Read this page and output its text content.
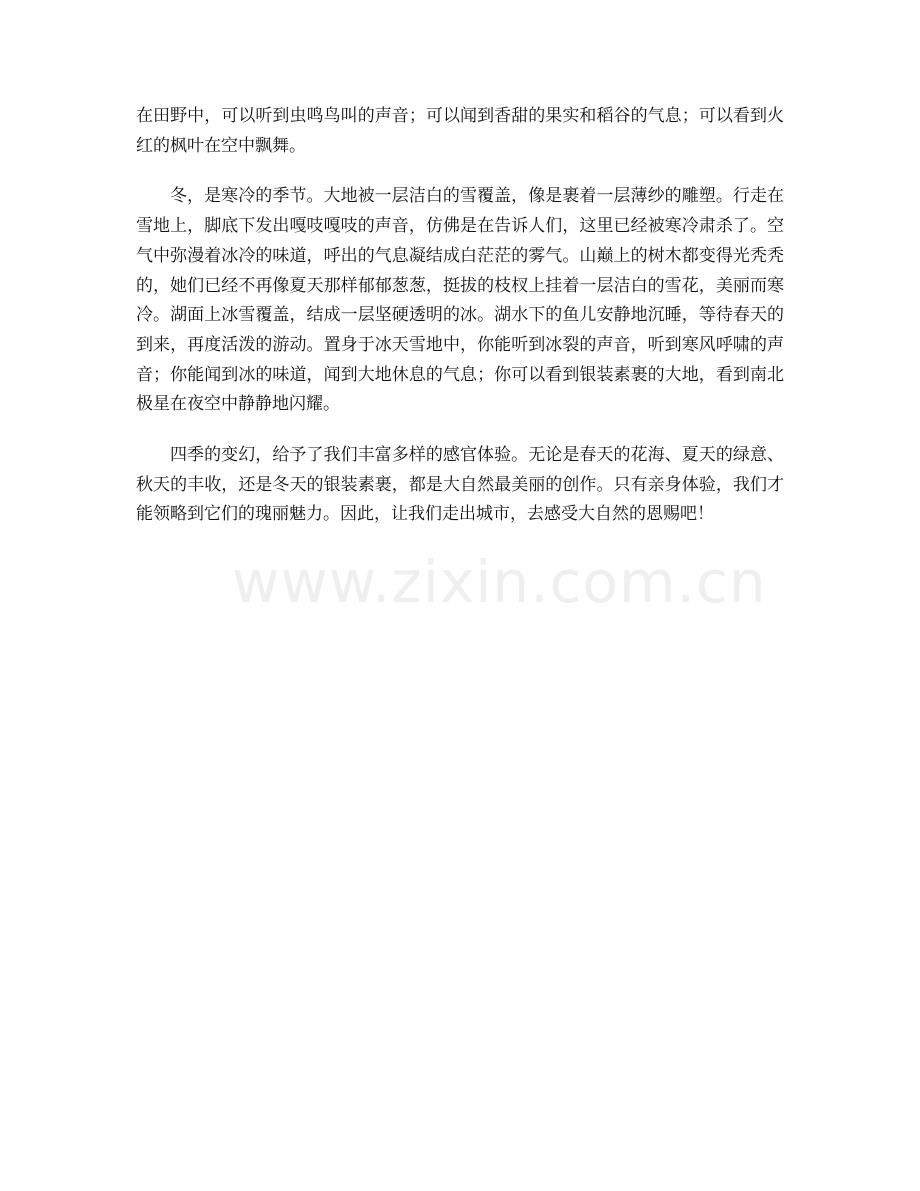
在田野中，可以听到虫鸣鸟叫的声音；可以闻到香甜的果实和稻谷的气息；可以看到火红的枫叶在空中飘舞。

冬，是寒冷的季节。大地被一层洁白的雪覆盖，像是裹着一层薄纱的雕塑。行走在雪地上，脚底下发出嘎吱嘎吱的声音，仿佛是在告诉人们，这里已经被寒冷肃杀了。空气中弥漫着冰冷的味道，呼出的气息凝结成白茫茫的雾气。山巅上的树木都变得光秃秃的，她们已经不再像夏天那样郁郁葱葱，挺拔的枝杈上挂着一层洁白的雪花，美丽而寒冷。湖面上冰雪覆盖，结成一层坚硬透明的冰。湖水下的鱼儿安静地沉睡，等待春天的到来，再度活泼的游动。置身于冰天雪地中，你能听到冰裂的声音，听到寒风呼啸的声音；你能闻到冰的味道，闻到大地休息的气息；你可以看到银装素裹的大地，看到南北极星在夜空中静静地闪耀。

四季的变幻，给予了我们丰富多样的感官体验。无论是春天的花海、夏天的绿意、秋天的丰收，还是冬天的银装素裹，都是大自然最美丽的创作。只有亲身体验，我们才能领略到它们的瑰丽魅力。因此，让我们走出城市，去感受大自然的恩赐吧！

www.zixin.com.cn
